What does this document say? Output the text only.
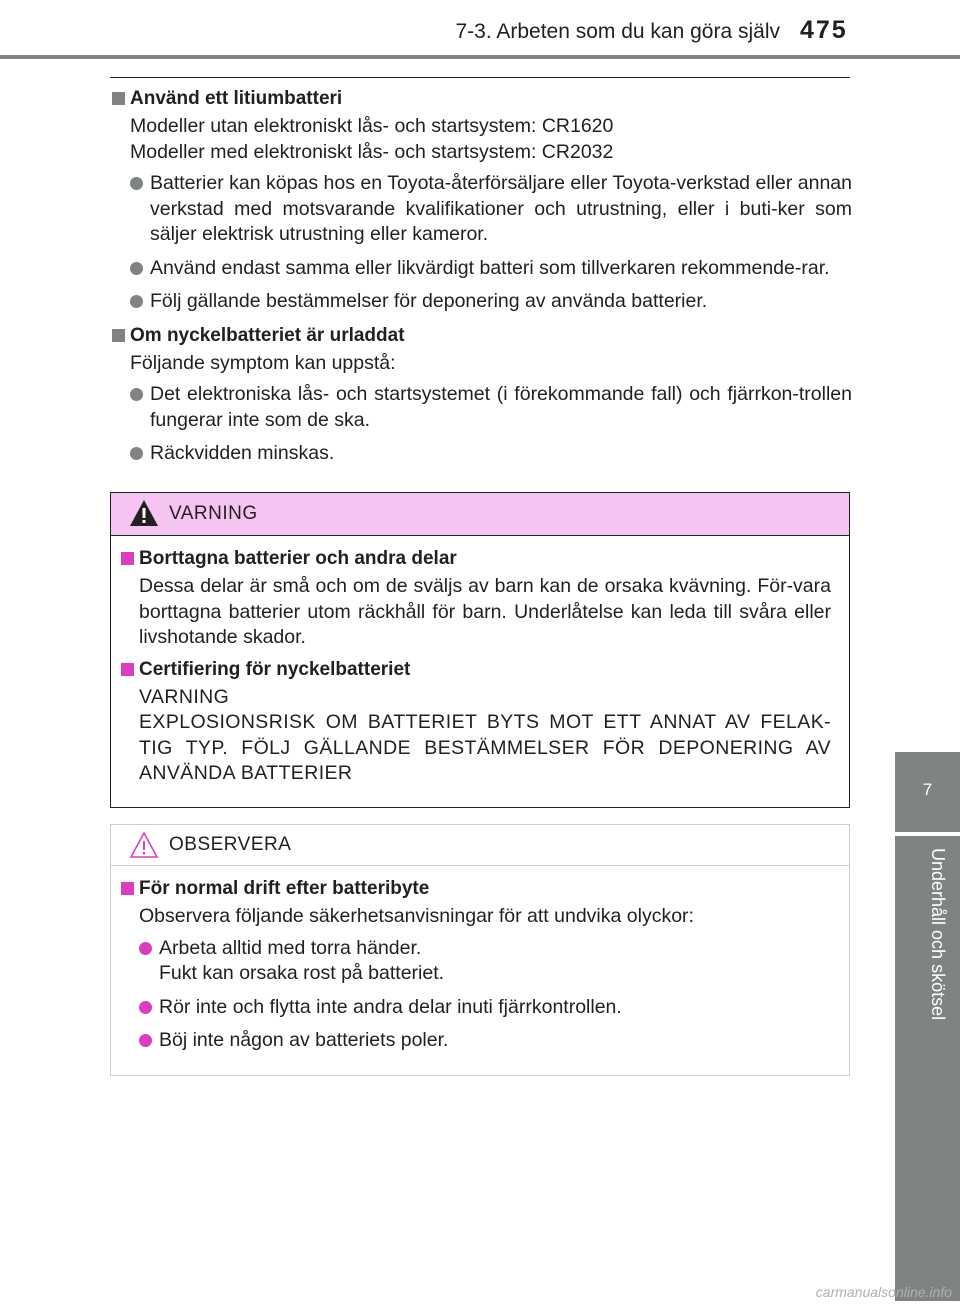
7-3. Arbeten som du kan göra själv 475
7
Underhåll och skötsel
Använd ett litiumbatteri
Modeller utan elektroniskt lås- och startsystem: CR1620
Modeller med elektroniskt lås- och startsystem: CR2032
Batterier kan köpas hos en Toyota-återförsäljare eller Toyota-verkstad eller annan verkstad med motsvarande kvalifikationer och utrustning, eller i buti-ker som säljer elektrisk utrustning eller kameror.
Använd endast samma eller likvärdigt batteri som tillverkaren rekommende-rar.
Följ gällande bestämmelser för deponering av använda batterier.
Om nyckelbatteriet är urladdat
Följande symptom kan uppstå:
Det elektroniska lås- och startsystemet (i förekommande fall) och fjärrkon-trollen fungerar inte som de ska.
Räckvidden minskas.
VARNING
Borttagna batterier och andra delar
Dessa delar är små och om de sväljs av barn kan de orsaka kvävning. För-vara borttagna batterier utom räckhåll för barn. Underlåtelse kan leda till svåra eller livshotande skador.
Certifiering för nyckelbatteriet
VARNING
EXPLOSIONSRISK OM BATTERIET BYTS MOT ETT ANNAT AV FELAK-TIG TYP. FÖLJ GÄLLANDE BESTÄMMELSER FÖR DEPONERING AV ANVÄNDA BATTERIER
OBSERVERA
För normal drift efter batteribyte
Observera följande säkerhetsanvisningar för att undvika olyckor:
Arbeta alltid med torra händer.
Fukt kan orsaka rost på batteriet.
Rör inte och flytta inte andra delar inuti fjärrkontrollen.
Böj inte någon av batteriets poler.
carmanualsonline.info
